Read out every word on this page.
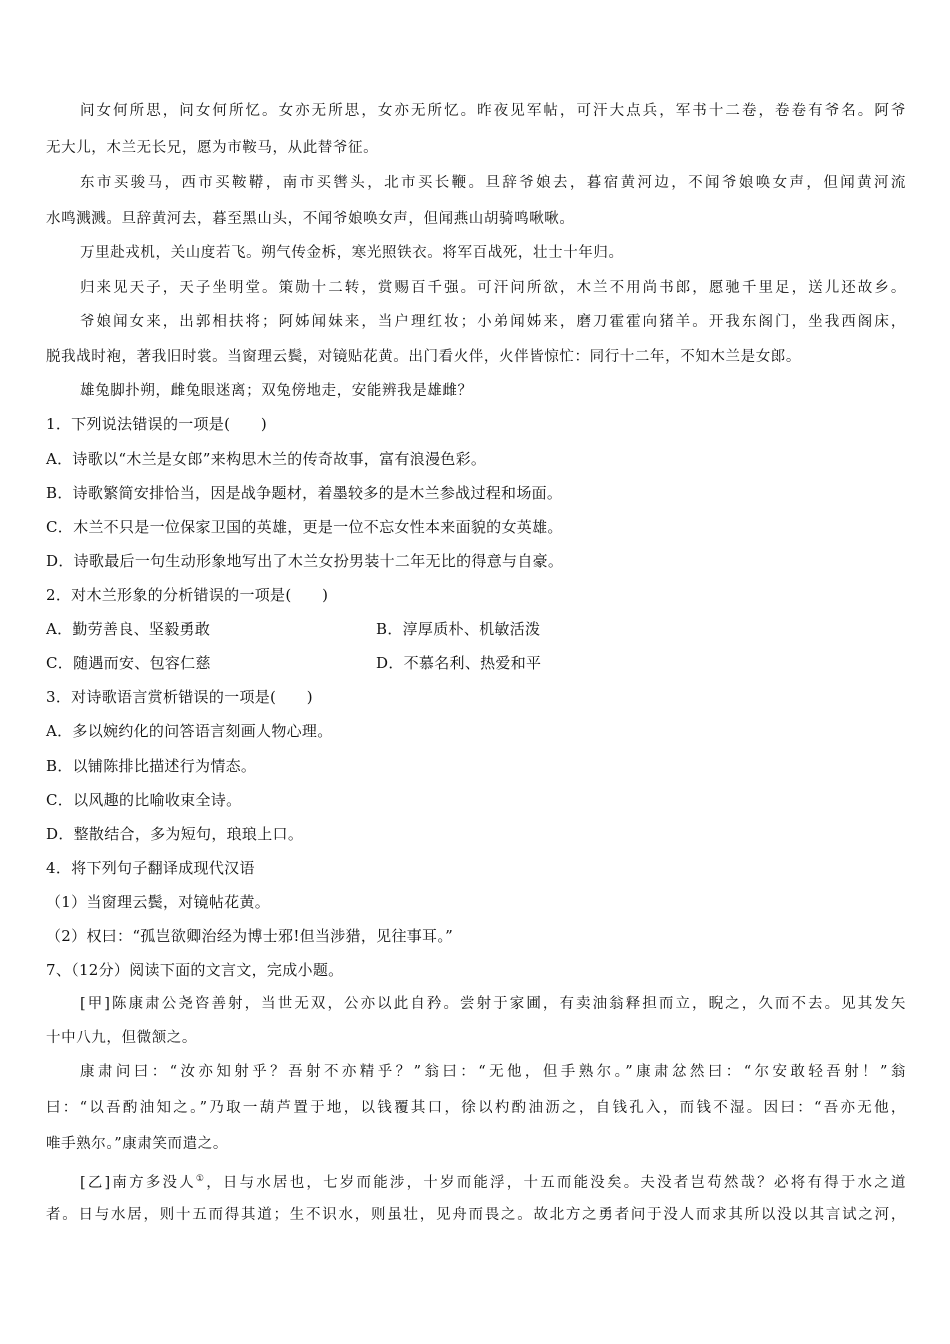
问女何所思，问女何所忆。女亦无所思，女亦无所忆。昨夜见军帖，可汗大点兵，军书十二卷，卷卷有爷名。阿爷
无大儿，木兰无长兄，愿为市鞍马，从此替爷征。
东市买骏马，西市买鞍鞯，南市买辔头，北市买长鞭。旦辞爷娘去，暮宿黄河边，不闻爷娘唤女声，但闻黄河流
水鸣溅溅。旦辞黄河去，暮至黑山头，不闻爷娘唤女声，但闻燕山胡骑鸣啾啾。
万里赴戎机，关山度若飞。朔气传金柝，寒光照铁衣。将军百战死，壮士十年归。
归来见天子，天子坐明堂。策勋十二转，赏赐百千强。可汗问所欲，木兰不用尚书郎，愿驰千里足，送儿还故乡。
爷娘闻女来，出郭相扶将；阿姊闻妹来，当户理红妆；小弟闻姊来，磨刀霍霍向猪羊。开我东阁门，坐我西阁床，
脱我战时袍，著我旧时裳。当窗理云鬓，对镜贴花黄。出门看火伴，火伴皆惊忙：同行十二年，不知木兰是女郎。
雄兔脚扑朔，雌兔眼迷离；双兔傍地走，安能辨我是雄雌？
1．下列说法错误的一项是(　　)
A．诗歌以“木兰是女郎”来构思木兰的传奇故事，富有浪漫色彩。
B．诗歌繁简安排恰当，因是战争题材，着墨较多的是木兰参战过程和场面。
C．木兰不只是一位保家卫国的英雄，更是一位不忘女性本来面貌的女英雄。
D．诗歌最后一句生动形象地写出了木兰女扮男装十二年无比的得意与自豪。
2．对木兰形象的分析错误的一项是(　　)
A．勤劳善良、坚毅勇敢	B．淳厚质朴、机敏活泼
C．随遇而安、包容仁慈	D．不慕名利、热爱和平
3．对诗歌语言赏析错误的一项是(　　)
A．多以婉约化的问答语言刻画人物心理。
B．以铺陈排比描述行为情态。
C．以风趣的比喻收束全诗。
D．整散结合，多为短句，琅琅上口。
4．将下列句子翻译成现代汉语
（1）当窗理云鬓，对镜帖花黄。
（2）权曰：“孤岂欲卿治经为博士邪!但当涉猎，见往事耳。”
7、（12分）阅读下面的文言文，完成小题。
[甲]陈康肃公尧咨善射，当世无双，公亦以此自矜。尝射于家圃，有卖油翁释担而立，睨之，久而不去。见其发矢
十中八九，但微颔之。
康肃问曰：“汝亦知射乎？吾射不亦精乎？”翁曰：“无他，但手熟尔。”康肃忿然曰：“尔安敢轻吾射！”翁
曰：“以吾酌油知之。”乃取一葫芦置于地，以钱覆其口，徐以杓酌油沥之，自钱孔入，而钱不湿。因曰：“吾亦无他，
唯手熟尔。”康肃笑而遣之。
[乙]南方多没人①，日与水居也，七岁而能涉，十岁而能浮，十五而能没矣。夫没者岂苟然哉？必将有得于水之道
者。日与水居，则十五而得其道；生不识水，则虽壮，见舟而畏之。故北方之勇者问于没人而求其所以没以其言试之河，
